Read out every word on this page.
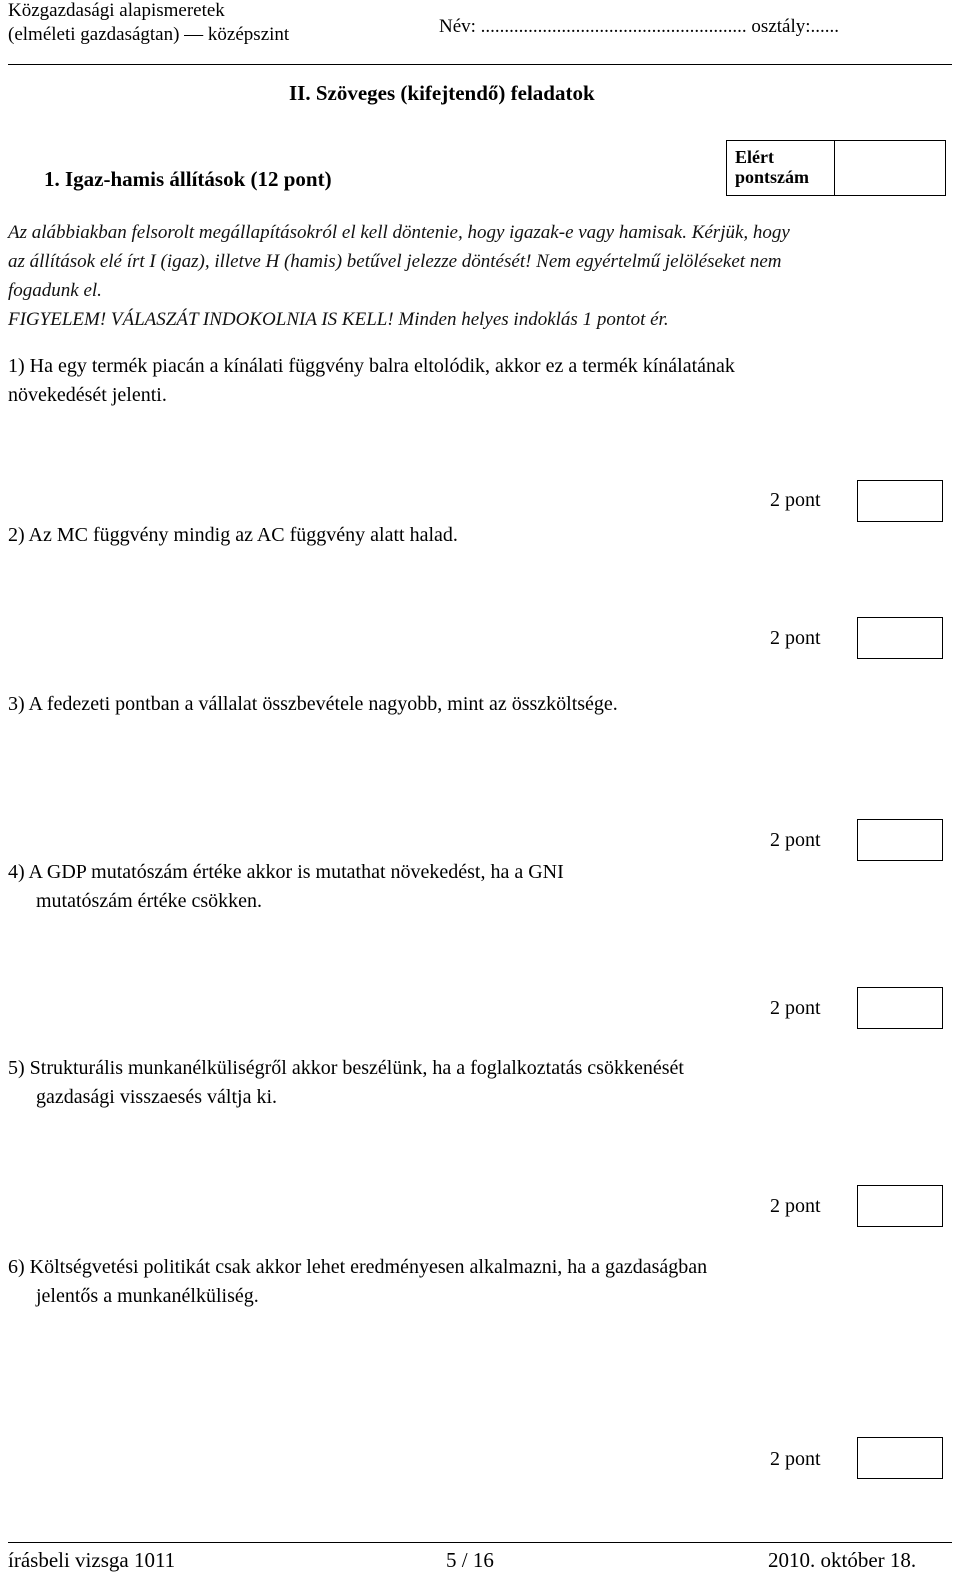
Közgazdasági alapismeretek
(elméleti gazdaságtan) — középszint	Név: ........................................................ osztály:......
II. Szöveges (kifejtendő) feladatok
1. Igaz-hamis állítások (12 pont)
Elért
pontszám
Az alábbiakban felsorolt megállapításokról el kell döntenie, hogy igazak-e vagy hamisak. Kérjük, hogy
az állítások elé írt I (igaz), illetve H (hamis) betűvel jelezze döntését! Nem egyértelmű jelöléseket nem
fogadunk el.
FIGYELEM! VÁLASZÁT INDOKOLNIA IS KELL! Minden helyes indoklás 1 pontot ér.
1) Ha egy termék piacán a kínálati függvény balra eltolódik, akkor ez a termék kínálatának
növekedését jelenti.
2 pont
2) Az MC függvény mindig az AC függvény alatt halad.
2 pont
3) A fedezeti pontban a vállalat összbevétele nagyobb, mint az összköltsége.
2 pont
4) A GDP mutatószám értéke akkor is mutathat növekedést, ha a GNI
mutatószám értéke csökken.
2 pont
5) Strukturális munkanélküliségről akkor beszélünk, ha a foglalkoztatás csökkenését
gazdasági visszaesés váltja ki.
2 pont
6) Költségvetési politikát csak akkor lehet eredményesen alkalmazni, ha a gazdaságban
jelentős a munkanélküliség.
2 pont
írásbeli vizsga 1011	5 / 16	2010. október 18.
